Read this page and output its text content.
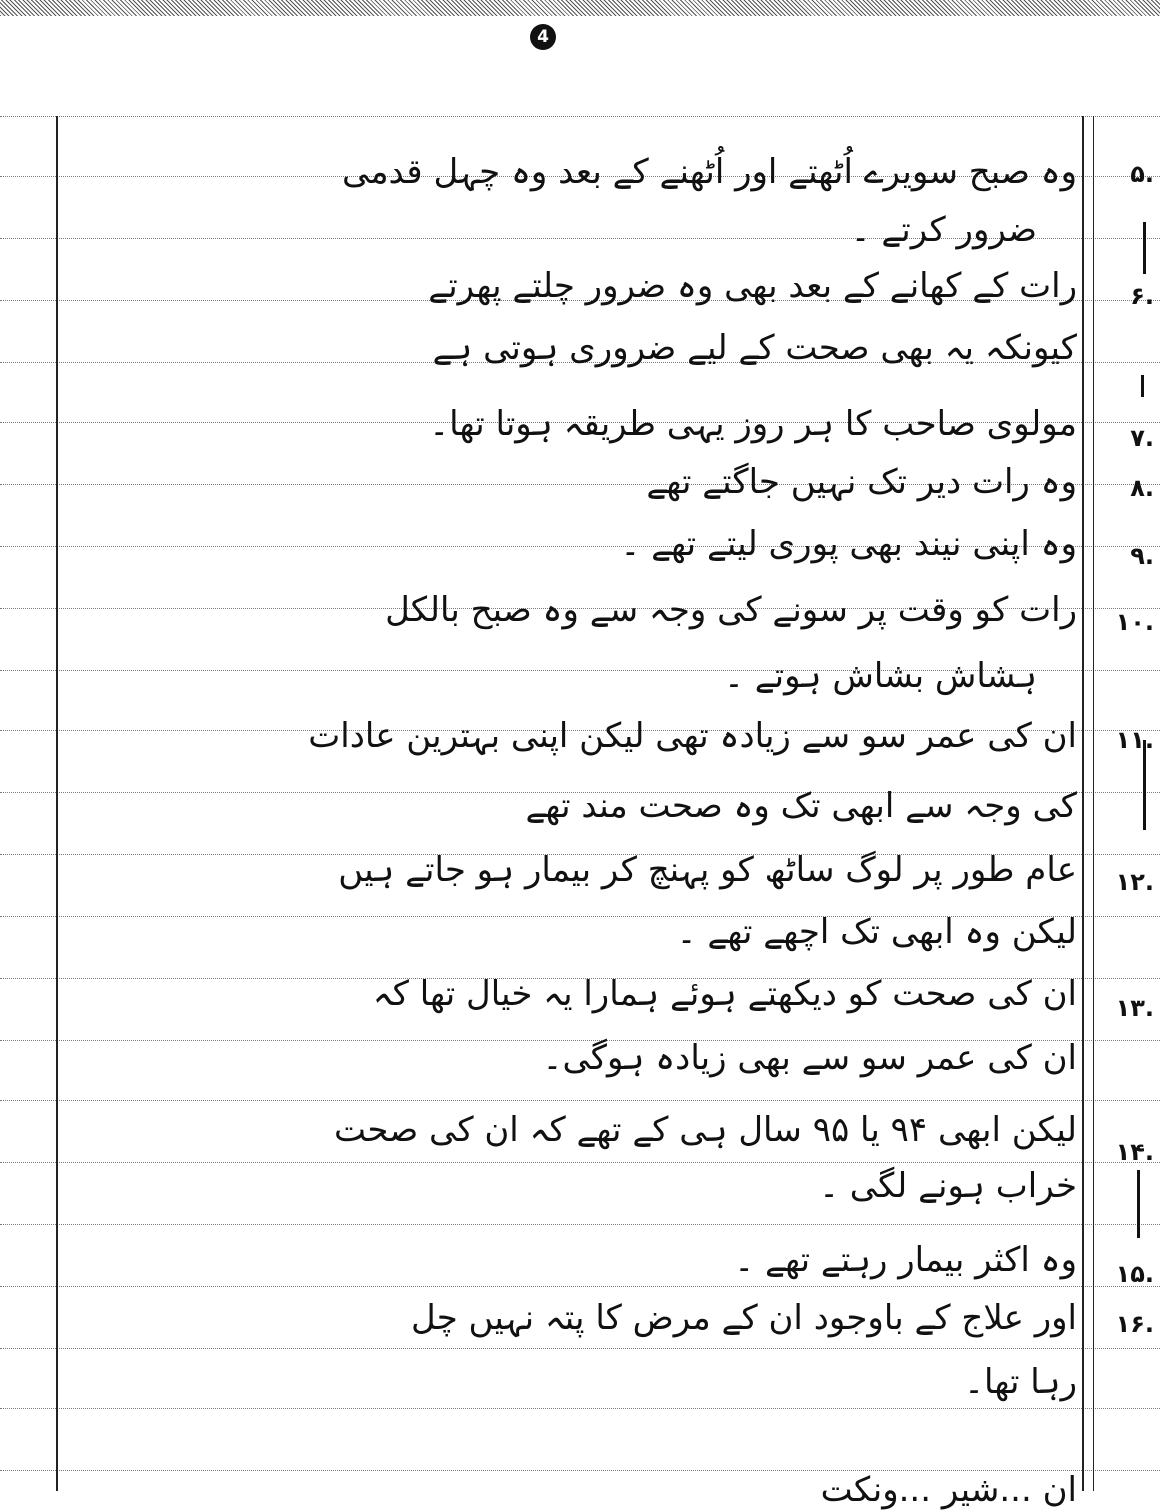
4
.۵
وہ صبح سویرے اُٹھتے اور اُٹھنے کے بعد وہ چہل قدمی
ضرور کرتے ۔
.۶
رات کے کھانے کے بعد بھی وہ ضرور چلتے پھرتے
کیونکہ یہ بھی صحت کے لیے ضروری ہوتی ہے
.۷
مولوی صاحب کا ہر روز یہی طریقہ ہوتا تھا۔
.۸
وہ رات دیر تک نہیں جاگتے تھے
.۹
وہ اپنی نیند بھی پوری لیتے تھے ۔
.۱۰
رات کو وقت پر سونے کی وجہ سے وہ صبح بالکل
ہشاش بشاش ہوتے ۔
.۱۱
ان کی عمر سو سے زیادہ تھی لیکن اپنی بہترین عادات
کی وجہ سے ابھی تک وہ صحت مند تھے
.۱۲
عام طور پر لوگ ساٹھ کو پہنچ کر بیمار ہو جاتے ہیں
لیکن وہ ابھی تک اچھے تھے ۔
.۱۳
ان کی صحت کو دیکھتے ہوئے ہمارا یہ خیال تھا کہ
ان کی عمر سو سے بھی زیادہ ہوگی۔
.۱۴
لیکن ابھی ۹۴ یا ۹۵ سال ہی کے تھے کہ ان کی صحت
خراب ہونے لگی ۔
.۱۵
وہ اکثر بیمار رہتے تھے ۔
.۱۶
اور علاج کے باوجود ان کے مرض کا پتہ نہیں چل
رہا تھا۔
ان ...شیر ...ونکت
